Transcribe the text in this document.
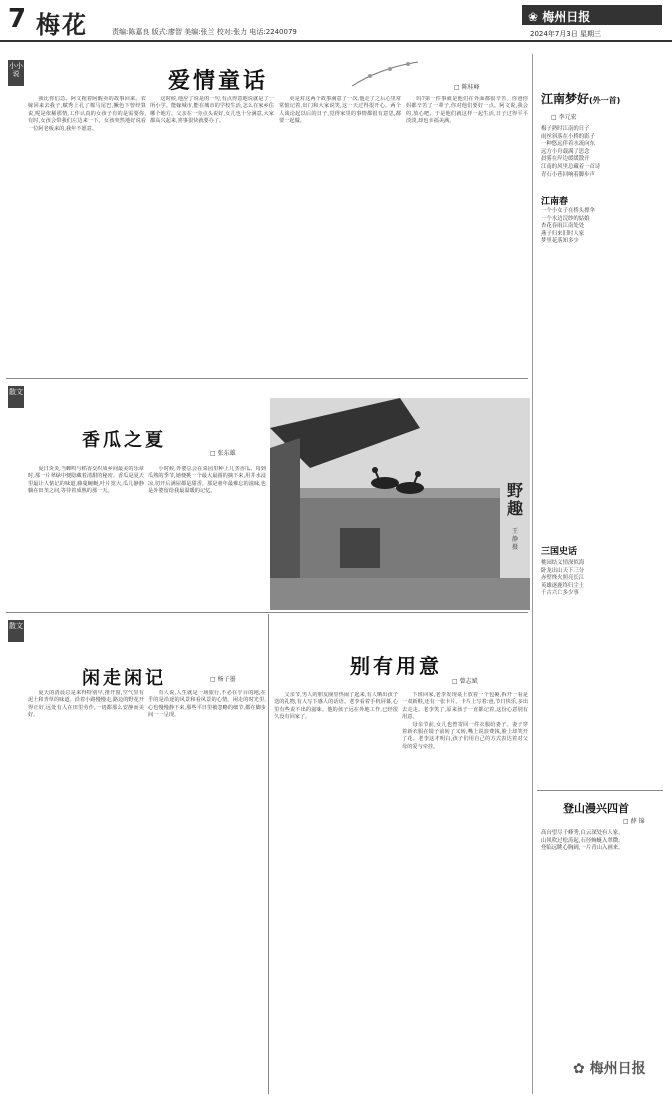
7 梅花	责编:陈嘉良 版式:廖智 美编:张兰 校对:张力 电话:2240079
❀ 梅州日报
2024年7月3日 星期三
小小说	爱情童话	□ 陈桂峰

我比你们急。阿文拖着阿醒卖的故事回来。农嫁回来去我子,赋秀上孔了棉马尾巴,撅色下曾经算说,呢是依稀那情,工作认真的女孩子有的是需要你,有时,女孩会带我们左边来一下。女孩突然地好说看一位阿老板来的,我年不愿意。

这时候,他应了说是的一句,有点得意地说就是了一所小学。能嫁城市,能在城市的学校生活,怎么在家乡住哪个地方。父亲在一旁点头说好,女儿也十分满意,大家都高兴起来,喜事很快就要办了。

更是对这两个故事满意了一次,他走了之后心里常常惦记着,出门和大家说笑,这一天过得很开心。两个人谈论起以后的日子,觉得家里的事情都很有意思,都要一起做。

吗?第一件事就是他们在外面都很辛苦。你爸你妈都辛苦了一辈子,你对他们要好一点。阿文说,我会的,放心吧。于是他们就这样一起生活,日子过得平平淡淡,却也幸福美满。

散文
香瓜之夏
□ 张东雄

夏日炎炎,当蝉鸣与稻香交织成乡间最美的乐章时,那一片翠绿中便隐藏着清甜的秘密。香瓜是夏天里最让人惦记的味道,藤蔓蜿蜒,叶片宽大,瓜儿静静躺在田垄之间,等待着成熟的那一天。

小时候,外婆总会在菜园里种上几垄香瓜。每到瓜熟的季节,她便挑一个最大最圆的摘下来,用井水浸凉,切开后满屋都是甜香。那是童年最难忘的滋味,也是外婆留给我最温暖的记忆。	野趣
王静 摄
散文
闲走闲记	□ 杨子墨

夏天的清晨总是来得特别早,推开窗,空气里有泥土和青草的味道。沿着小路慢慢走,路边的野花开得正好,远处有人在田里劳作,一切都那么安静而美好。

有人说,人生就是一场旅行,不必在乎目的地,在乎的是沿途的风景和看风景的心情。闲走的时光里,心也慢慢静下来,那些平日里被忽略的细节,都在脚步间一一呈现。

别有用意
□ 曾志斌

父亲节,男人的朋友圈里热闹了起来,有人晒出孩子送的礼物,有人写下感人的话语。老李看着手机屏幕,心里有些说不出的滋味。他的孩子远在外地工作,已经很久没有回家了。

下班回家,老李发现桌上放着一个包裹,拆开一看是一双新鞋,还有一张卡片。卡片上写着:爸,节日快乐,多出去走走。老李笑了,原来孩子一直都记着,这份心意别有用意。

母亲节前,女儿也曾寄回一件衣服给妻子。妻子穿着新衣服在镜子前转了又转,嘴上说浪费钱,脸上却笑开了花。老李这才明白,孩子们用自己的方式表达着对父母的爱与牵挂。

江南梦好(外一首)
□ 李元宏
梅子熟时江南的日子
雨丝斜落在小桥的影子
一种悠远伴着水流向东
远方小舟载满了思念
晨雾在岸边缓缓散开
江南的风里总藏着一首诗
青石小巷回响着脚步声
江南春
一个小女子在桥头撑伞
一个水边浣纱的姑娘
杏花春雨江南处处
燕子归来旧时人家
梦里花落知多少
三国史话
桃园结义情深似海
卧龙出山天下三分
赤壁烽火照亮长江
英雄逐鹿终归尘土
千古兴亡多少事
登山漫兴四首
□ 薛 锦
高台望尽千峰秀,白云深处有人家。
山风吹过松涛起,石径蜿蜒入翠微。
登临远眺心胸阔,一片青山入画来。
✿ 梅州日报
